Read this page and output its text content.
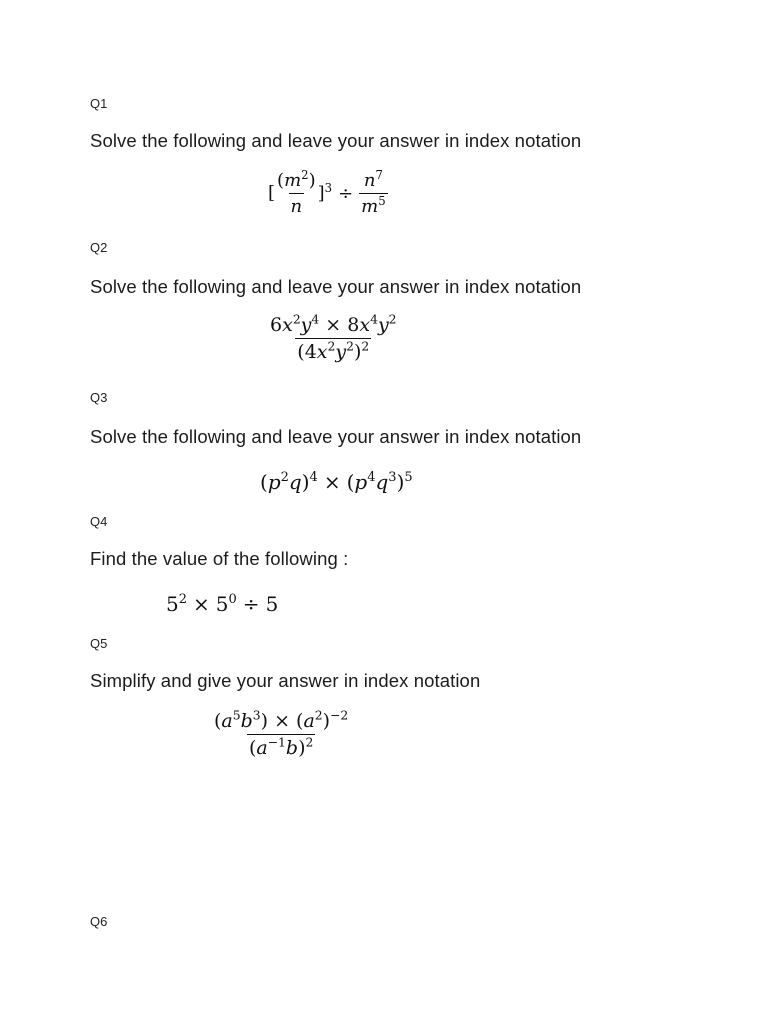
Q1
Solve the following and leave your answer in index notation
[ $\frac{(m^2)}{n} ]^3 \div \frac{n^7}{m^5}$
Q2
Solve the following and leave your answer in index notation
$\frac{6x^2y^4 \times 8x^4y^2}{(4x^2y^2)^2}$
Q3
Solve the following and leave your answer in index notation
$(p^2q)^4 \times (p^4q^3)^5$
Q4
Find the value of the following :
$5^2 \times 5^0 \div 5$
Q5
Simplify and give your answer in index notation
$\frac{(a^5b^3) \times (a^2)^{-2}}{(a^{-1}b)^2}$
Q6
